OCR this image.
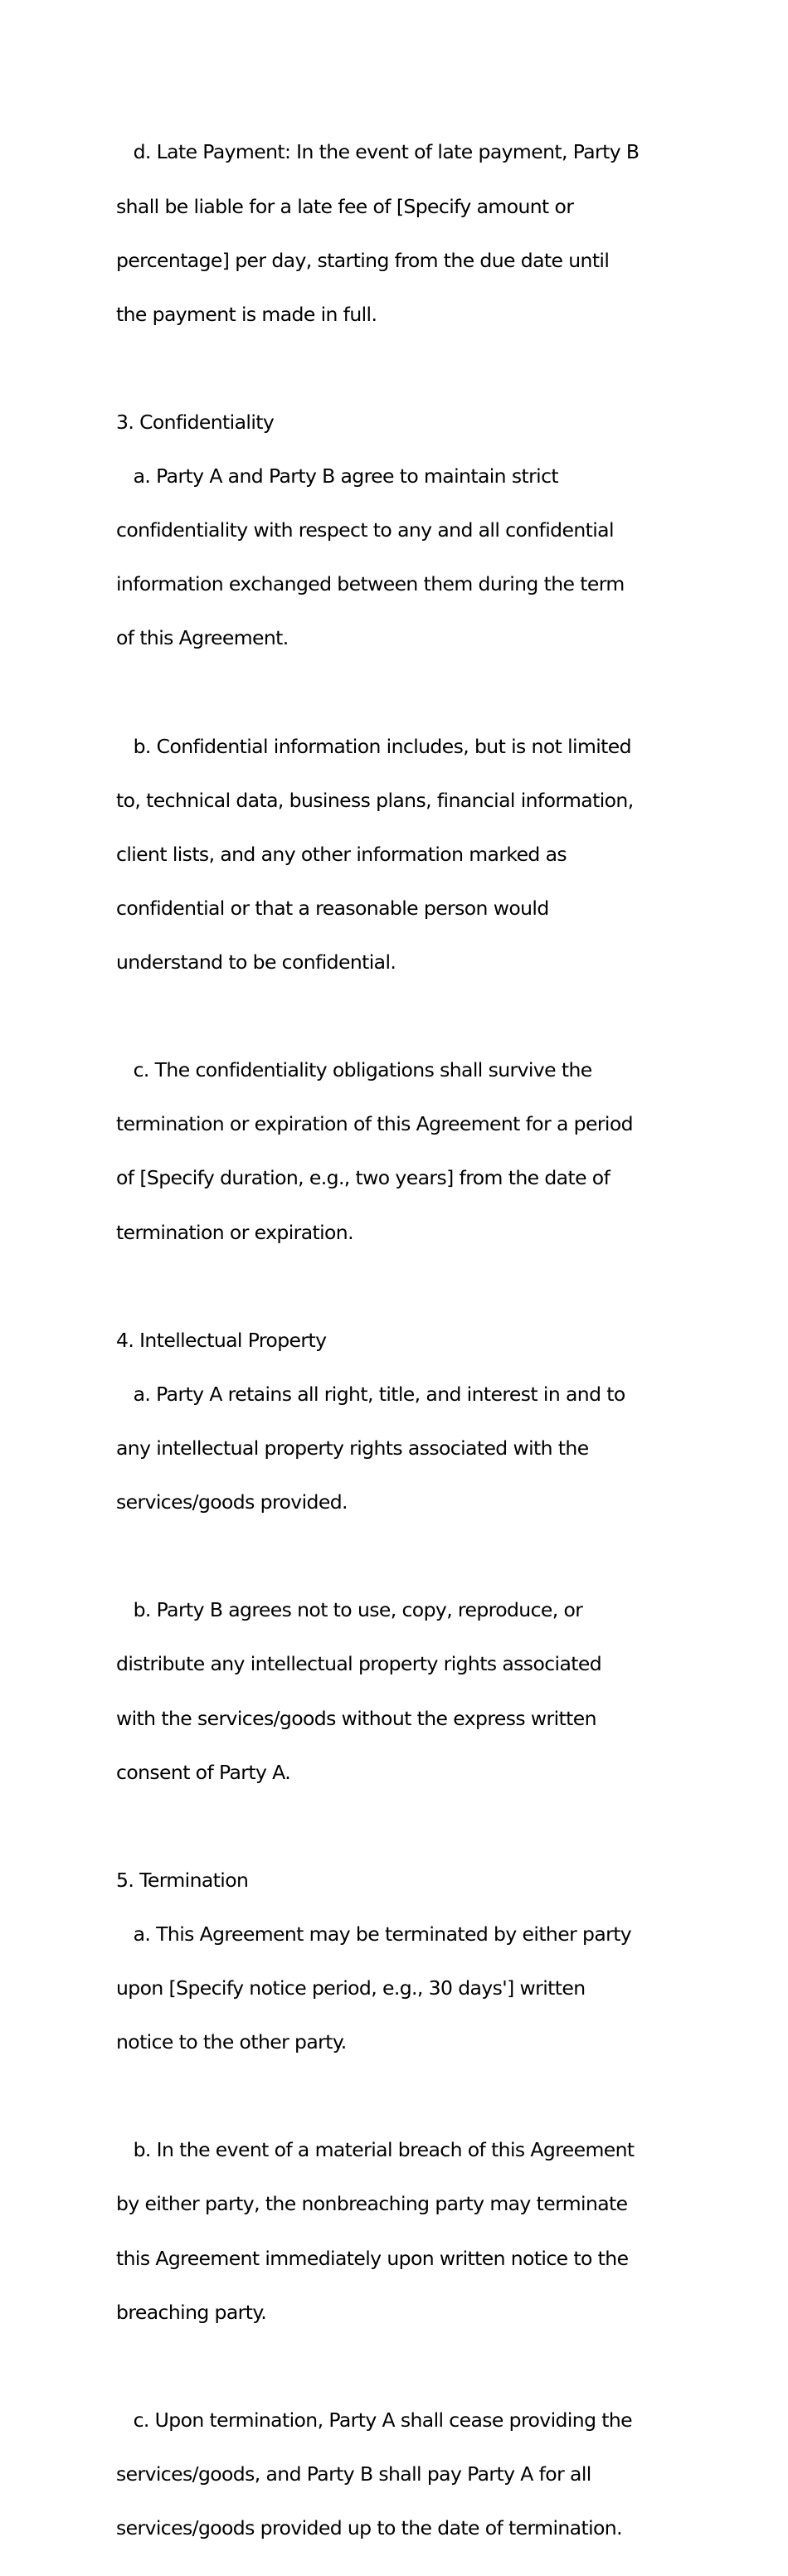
d. Late Payment: In the event of late payment, Party B

shall be liable for a late fee of [Specify amount or

percentage] per day, starting from the due date until

the payment is made in full.

3. Confidentiality

a. Party A and Party B agree to maintain strict

confidentiality with respect to any and all confidential

information exchanged between them during the term

of this Agreement.

b. Confidential information includes, but is not limited

to, technical data, business plans, financial information,

client lists, and any other information marked as

confidential or that a reasonable person would

understand to be confidential.

c. The confidentiality obligations shall survive the

termination or expiration of this Agreement for a period

of [Specify duration, e.g., two years] from the date of

termination or expiration.

4. Intellectual Property

a. Party A retains all right, title, and interest in and to

any intellectual property rights associated with the

services/goods provided.

b. Party B agrees not to use, copy, reproduce, or

distribute any intellectual property rights associated

with the services/goods without the express written

consent of Party A.

5. Termination

a. This Agreement may be terminated by either party

upon [Specify notice period, e.g., 30 days'] written

notice to the other party.

b. In the event of a material breach of this Agreement

by either party, the nonbreaching party may terminate

this Agreement immediately upon written notice to the

breaching party.

c. Upon termination, Party A shall cease providing the

services/goods, and Party B shall pay Party A for all

services/goods provided up to the date of termination.
